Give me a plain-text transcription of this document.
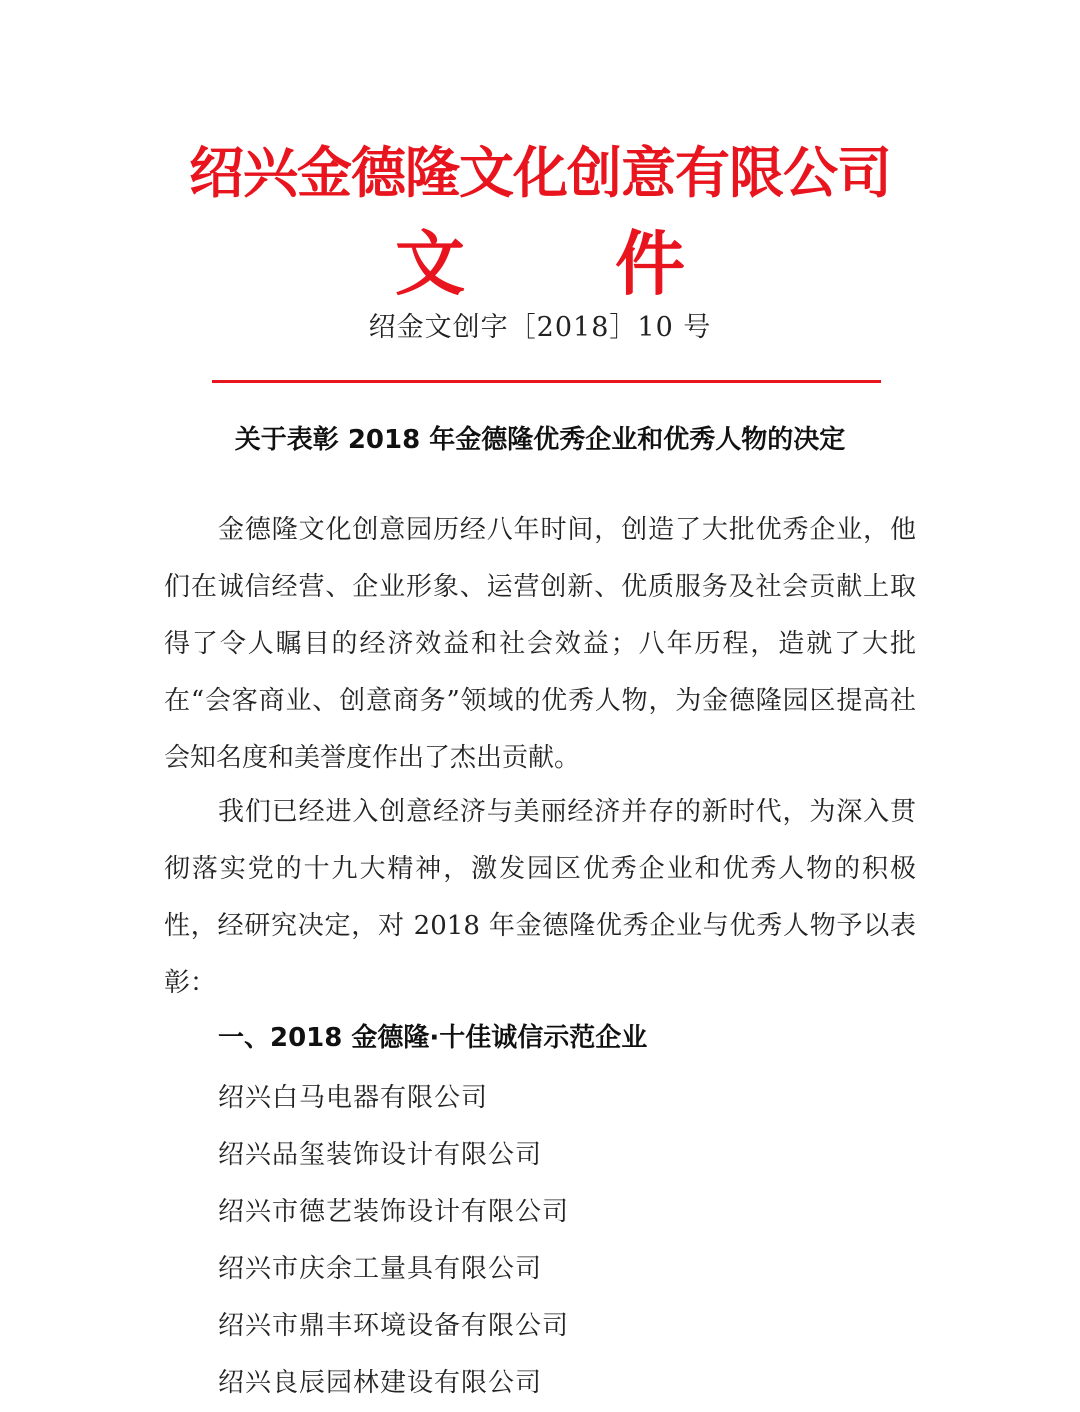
绍兴金德隆文化创意有限公司
文 件
绍金文创字［2018］10 号
关于表彰 2018 年金德隆优秀企业和优秀人物的决定

金德隆文化创意园历经八年时间，创造了大批优秀企业，他们在诚信经营、企业形象、运营创新、优质服务及社会贡献上取得了令人瞩目的经济效益和社会效益；八年历程，造就了大批在“会客商业、创意商务”领域的优秀人物，为金德隆园区提高社会知名度和美誉度作出了杰出贡献。

我们已经进入创意经济与美丽经济并存的新时代，为深入贯彻落实党的十九大精神，激发园区优秀企业和优秀人物的积极性，经研究决定，对 2018 年金德隆优秀企业与优秀人物予以表彰：

一、2018 金德隆·十佳诚信示范企业
绍兴白马电器有限公司
绍兴品玺装饰设计有限公司
绍兴市德艺装饰设计有限公司
绍兴市庆余工量具有限公司
绍兴市鼎丰环境设备有限公司
绍兴良辰园林建设有限公司
